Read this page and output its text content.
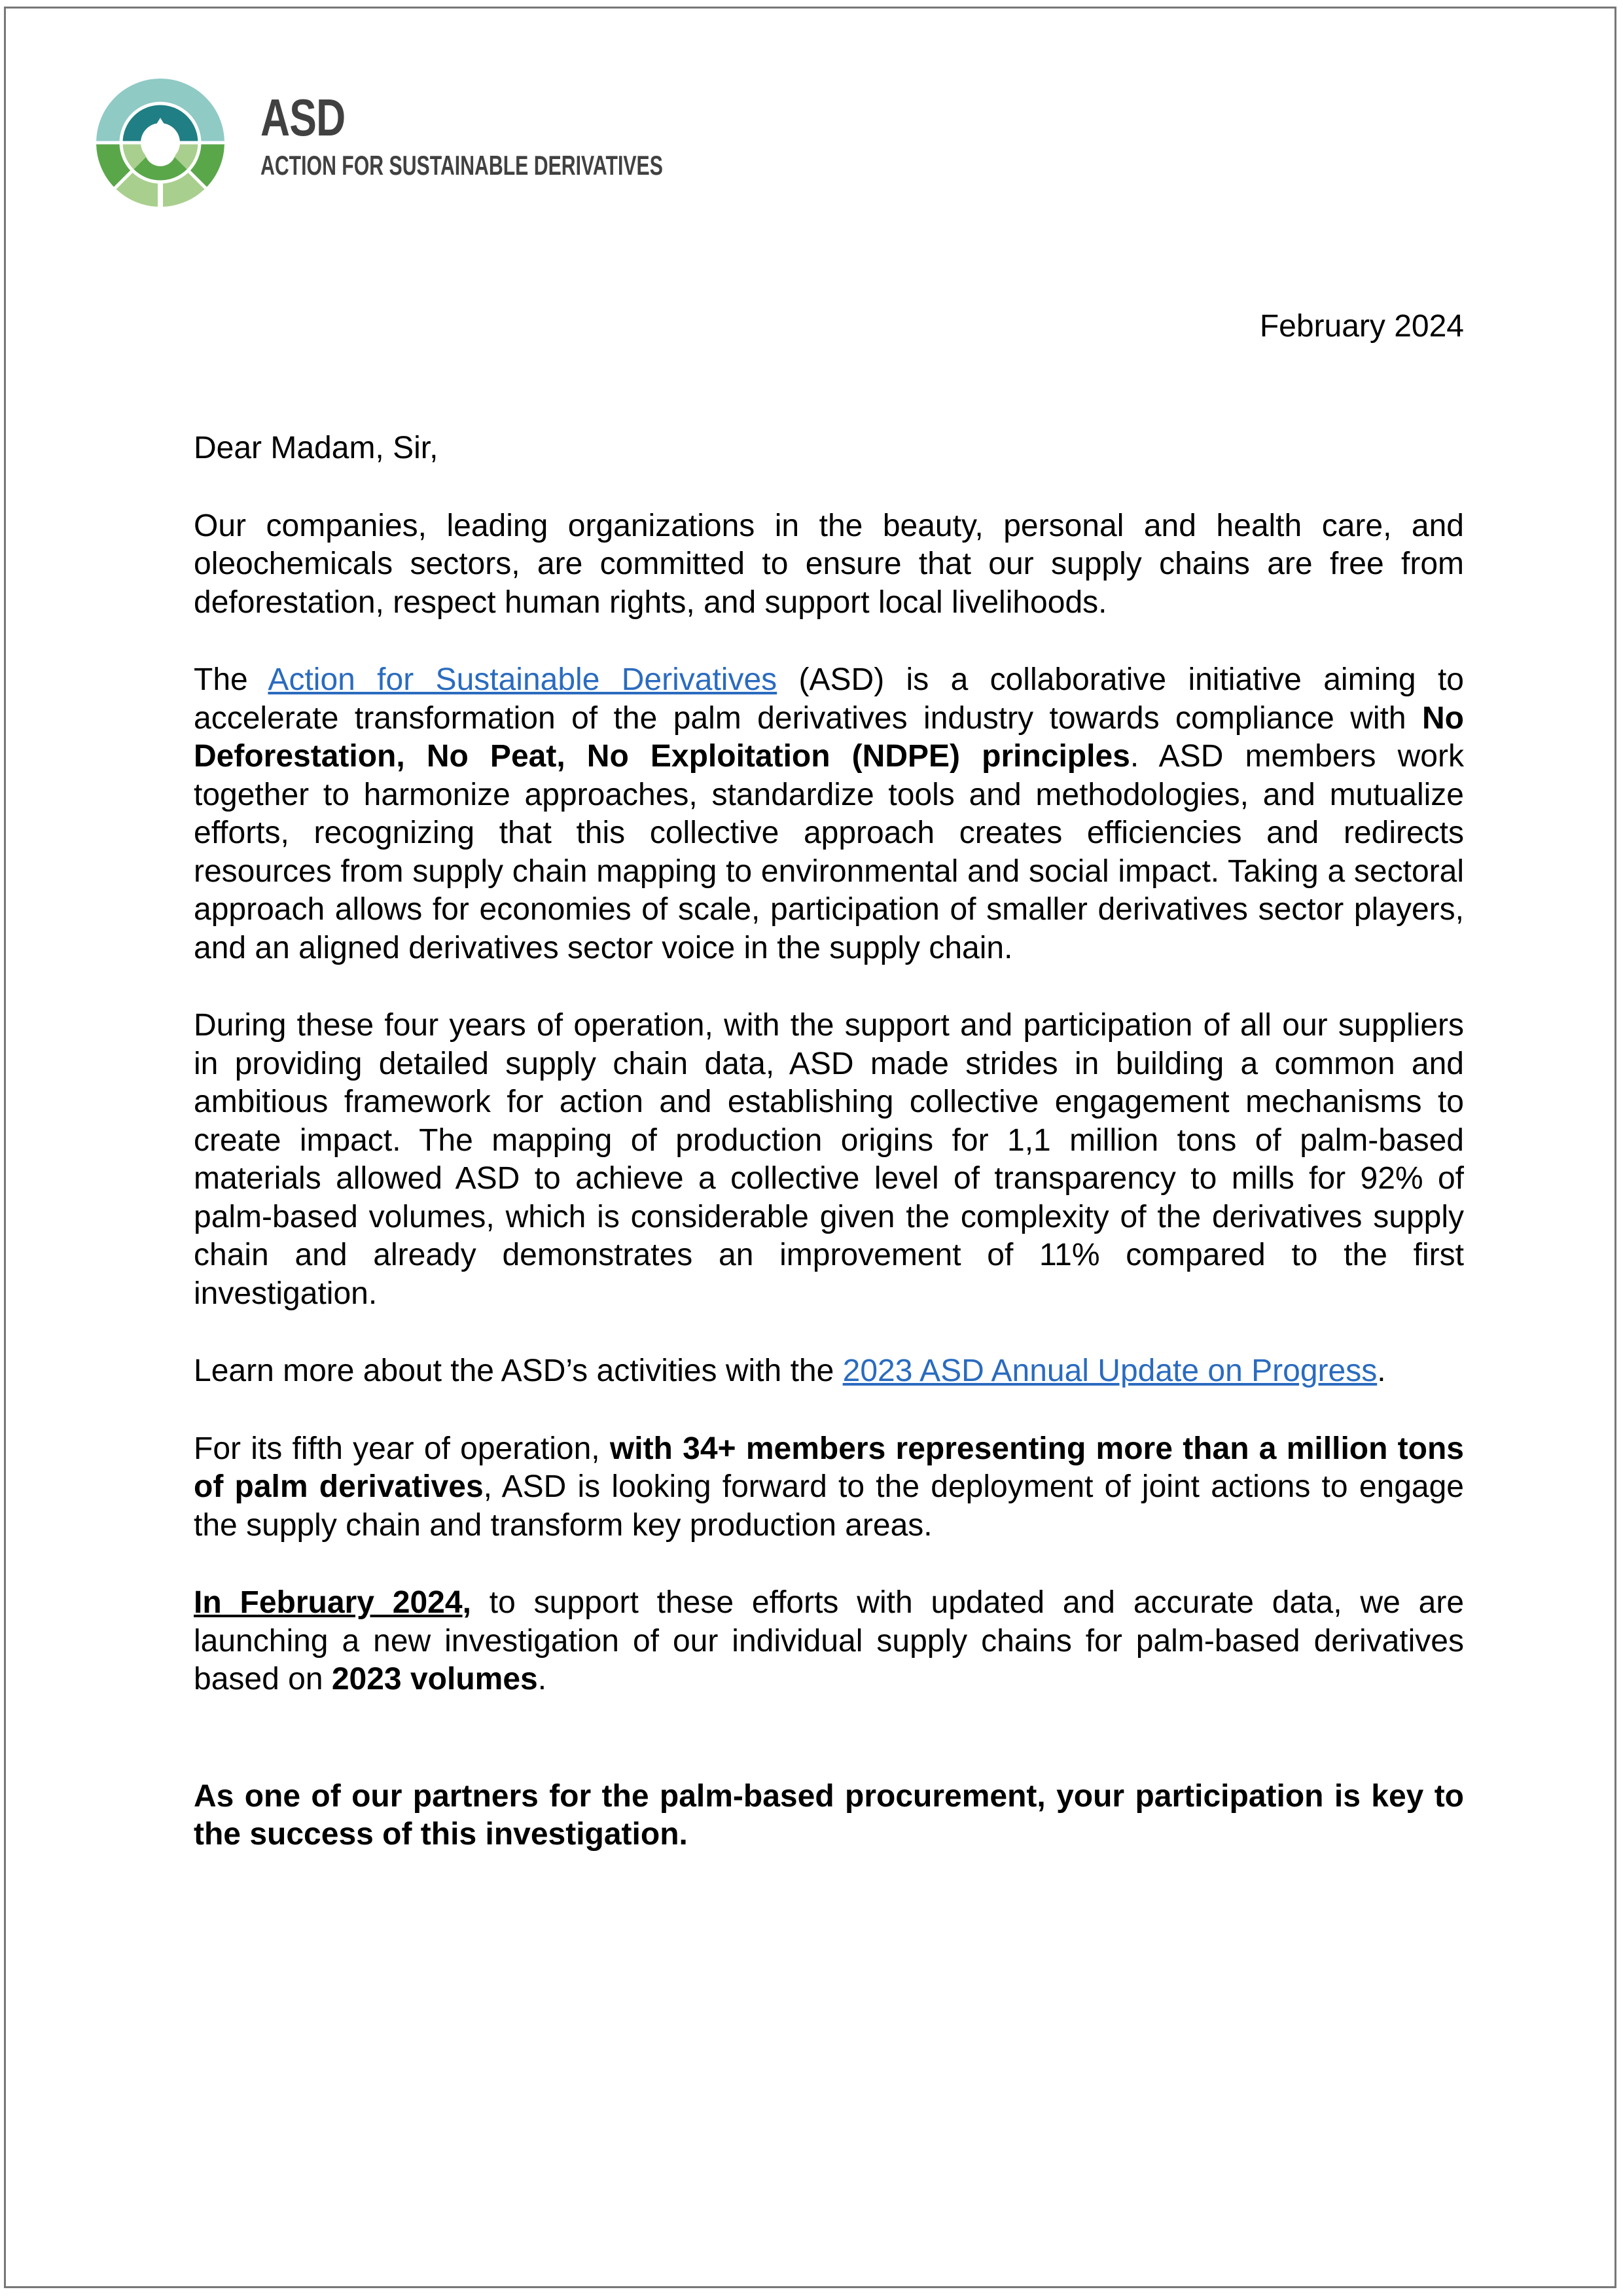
ASD
ACTION FOR SUSTAINABLE DERIVATIVES
February 2024

Dear Madam, Sir,

Our companies, leading organizations in the beauty, personal and health care, and oleochemicals sectors, are committed to ensure that our supply chains are free from deforestation, respect human rights, and support local livelihoods.

The Action for Sustainable Derivatives (ASD) is a collaborative initiative aiming to accelerate transformation of the palm derivatives industry towards compliance with No Deforestation, No Peat, No Exploitation (NDPE) principles. ASD members work together to harmonize approaches, standardize tools and methodologies, and mutualize efforts, recognizing that this collective approach creates efficiencies and redirects resources from supply chain mapping to environmental and social impact. Taking a sectoral approach allows for economies of scale, participation of smaller derivatives sector players, and an aligned derivatives sector voice in the supply chain.

During these four years of operation, with the support and participation of all our suppliers in providing detailed supply chain data, ASD made strides in building a common and ambitious framework for action and establishing collective engagement mechanisms to create impact. The mapping of production origins for 1,1 million tons of palm-based materials allowed ASD to achieve a collective level of transparency to mills for 92% of palm-based volumes, which is considerable given the complexity of the derivatives supply chain and already demonstrates an improvement of 11% compared to the first investigation.

Learn more about the ASD’s activities with the 2023 ASD Annual Update on Progress.

For its fifth year of operation, with 34+ members representing more than a million tons of palm derivatives, ASD is looking forward to the deployment of joint actions to engage the supply chain and transform key production areas.

In February 2024, to support these efforts with updated and accurate data, we are launching a new investigation of our individual supply chains for palm-based derivatives based on 2023 volumes.

As one of our partners for the palm-based procurement, your participation is key to the success of this investigation.
